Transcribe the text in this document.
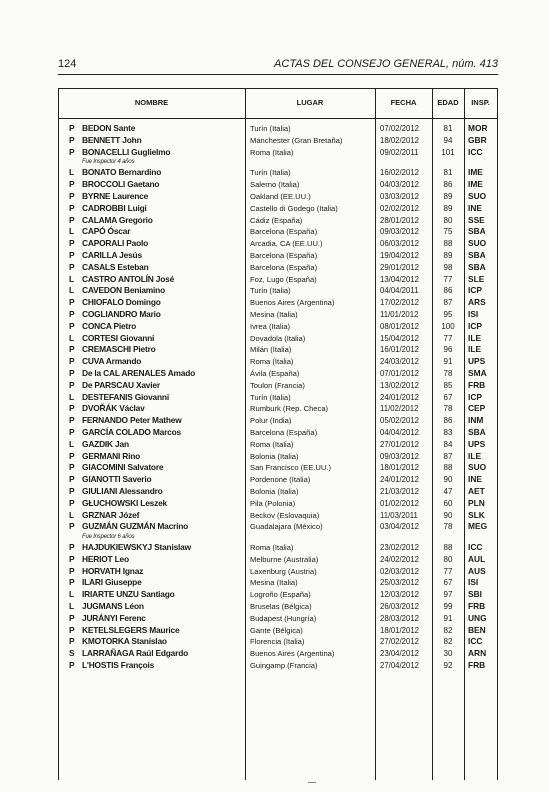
124	ACTAS DEL CONSEJO GENERAL, núm. 413
NOMBRE	LUGAR	FECHA	EDAD	INSP.
P BEDON Sante	Turín (Italia)	07/02/2012	81	MOR
P BENNETT John	Manchester (Gran Bretaña)	18/02/2012	94	GBR
P BONACELLI Guglielmo	Roma (Italia)	09/02/2011	101	ICC
Fue Inspector 4 años
L BONATO Bernardino	Turín (Italia)	16/02/2012	81	IME
P BROCCOLI Gaetano	Salerno (Italia)	04/03/2012	86	IME
P BYRNE Laurence	Oakland (EE.UU.)	03/03/2012	89	SUO
P CADROBBI Luigi	Castello di Godego (Italia)	02/02/2012	89	INE
P CALAMA Gregorio	Cádiz (España)	28/01/2012	80	SSE
L CAPÓ Óscar	Barcelona (España)	09/03/2012	75	SBA
P CAPORALI Paolo	Arcadia, CA (EE.UU.)	06/03/2012	88	SUO
P CARILLA Jesús	Barcelona (España)	19/04/2012	89	SBA
P CASALS Esteban	Barcelona (España)	29/01/2012	98	SBA
L CASTRO ANTOLÍN José	Foz, Lugo (España)	13/04/2012	77	SLE
L CAVEDON Beniamino	Turín (Italia)	04/04/2011	86	ICP
P CHIOFALO Domingo	Buenos Aires (Argentina)	17/02/2012	87	ARS
P COGLIANDRO Mario	Mesina (Italia)	11/01/2012	95	ISI
P CONCA Pietro	Ivrea (Italia)	08/01/2012	100	ICP
L CORTESI Giovanni	Dovadola (Italia)	15/04/2012	77	ILE
P CREMASCHI Pietro	Milán (Italia)	16/01/2012	96	ILE
P CUVA Armando	Roma (Italia)	24/03/2012	91	UPS
P De la CAL ARENALES Amado	Ávila (España)	07/01/2012	78	SMA
P De PARSCAU Xavier	Toulon (Francia)	13/02/2012	85	FRB
L DESTEFANIS Giovanni	Turín (Italia)	24/01/2012	67	ICP
P DVOŘÁK Václav	Rumburk (Rep. Checa)	11/02/2012	78	CEP
P FERNANDO Peter Mathew	Polur (India)	05/02/2012	86	INM
P GARCÍA COLADO Marcos	Barcelona (España)	04/04/2012	83	SBA
L GAZDIK Jan	Roma (Italia)	27/01/2012	84	UPS
P GERMANI Rino	Bolonia (Italia)	09/03/2012	87	ILE
P GIACOMINI Salvatore	San Francisco (EE.UU.)	18/01/2012	88	SUO
P GIANOTTI Saverio	Pordenone (Italia)	24/01/2012	90	INE
P GIULIANI Alessandro	Bolonia (Italia)	21/03/2012	47	AET
P GŁUCHOWSKI Leszek	Pila (Polonia)	01/02/2012	60	PLN
L GRZNAR Józef	Beckov (Eslovaquia)	11/03/2011	90	SLK
P GUZMÁN GUZMÁN Macrino	Guadalajara (México)	03/04/2012	78	MEG
Fue Inspector 6 años
P HAJDUKIEWSKYJ Stanislaw	Roma (Italia)	23/02/2012	88	ICC
P HERIOT Leo	Melburne (Australia)	24/02/2012	80	AUL
P HORVATH Ignaz	Laxenburg (Austria)	02/03/2012	77	AUS
P ILARI Giuseppe	Mesina (Italia)	25/03/2012	67	ISI
L IRIARTE UNZU Santiago	Logroño (España)	12/03/2012	97	SBI
L JUGMANS Léon	Bruselas (Bélgica)	26/03/2012	99	FRB
P JURÁNYI Ferenc	Budapest (Hungría)	28/03/2012	91	UNG
P KETELSLEGERS Maurice	Gante (Bélgica)	18/01/2012	82	BEN
P KMOTORKA Stanislao	Florencia (Italia)	27/02/2012	82	ICC
S LARRAÑAGA Raúl Edgardo	Buenos Aires (Argentina)	23/04/2012	30	ARN
P L'HOSTIS François	Guingamp (Francia)	27/04/2012	92	FRB
